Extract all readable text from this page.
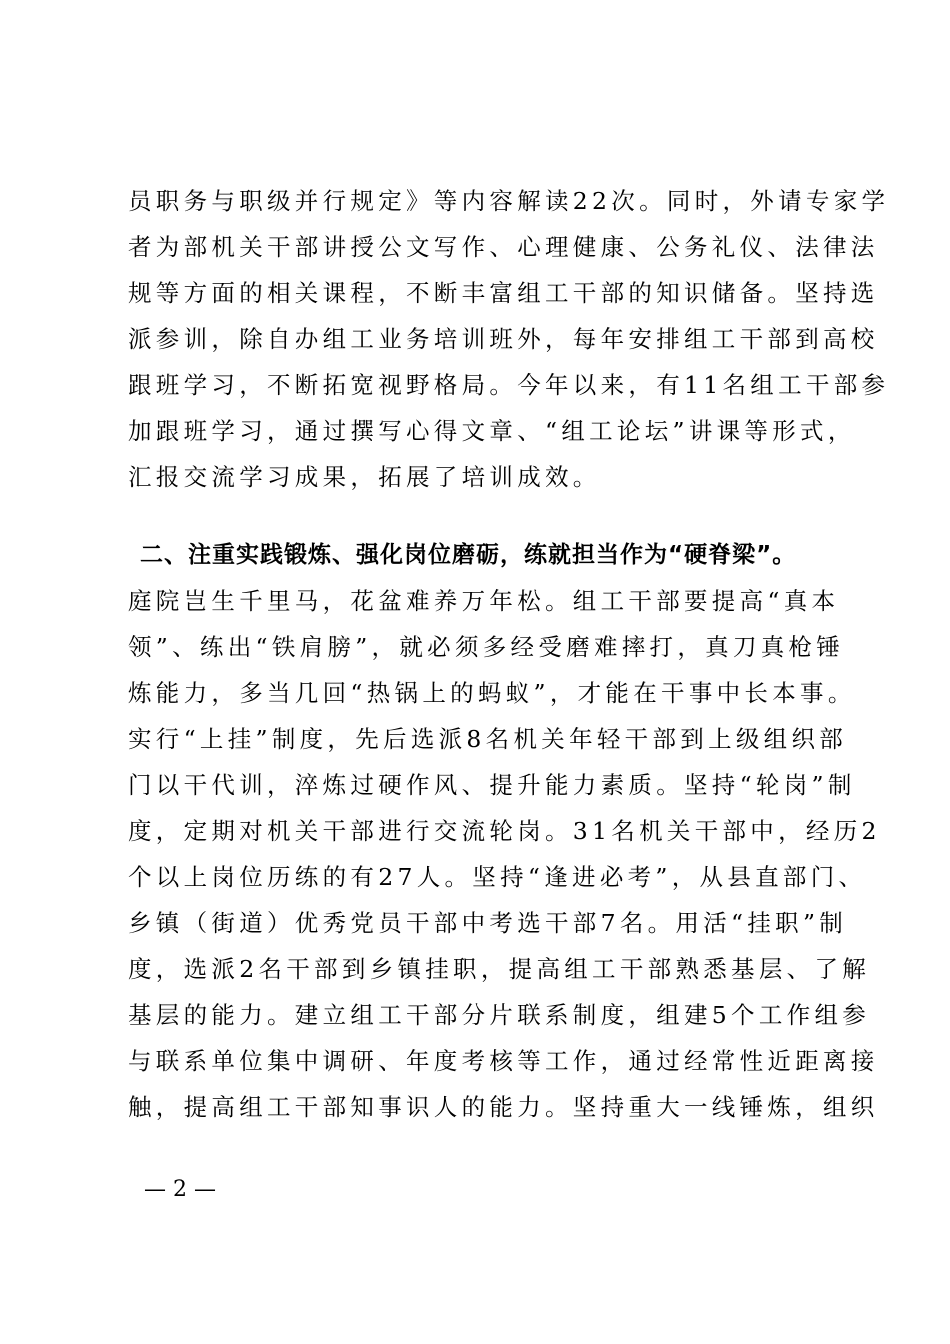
员职务与职级并行规定》等内容解读22次。同时，外请专家学
者为部机关干部讲授公文写作、心理健康、公务礼仪、法律法
规等方面的相关课程，不断丰富组工干部的知识储备。坚持选
派参训，除自办组工业务培训班外，每年安排组工干部到高校
跟班学习，不断拓宽视野格局。今年以来，有11名组工干部参
加跟班学习，通过撰写心得文章、“组工论坛”讲课等形式，
汇报交流学习成果，拓展了培训成效。
二、注重实践锻炼、强化岗位磨砺，练就担当作为“硬脊梁”。
庭院岂生千里马，花盆难养万年松。组工干部要提高“真本
领”、练出“铁肩膀”，就必须多经受磨难摔打，真刀真枪锤
炼能力，多当几回“热锅上的蚂蚁”，才能在干事中长本事。
实行“上挂”制度，先后选派8名机关年轻干部到上级组织部
门以干代训，淬炼过硬作风、提升能力素质。坚持“轮岗”制
度，定期对机关干部进行交流轮岗。31名机关干部中，经历2
个以上岗位历练的有27人。坚持“逢进必考”，从县直部门、
乡镇（街道）优秀党员干部中考选干部7名。用活“挂职”制
度，选派2名干部到乡镇挂职，提高组工干部熟悉基层、了解
基层的能力。建立组工干部分片联系制度，组建5个工作组参
与联系单位集中调研、年度考核等工作，通过经常性近距离接
触，提高组工干部知事识人的能力。坚持重大一线锤炼，组织
— 2 —
